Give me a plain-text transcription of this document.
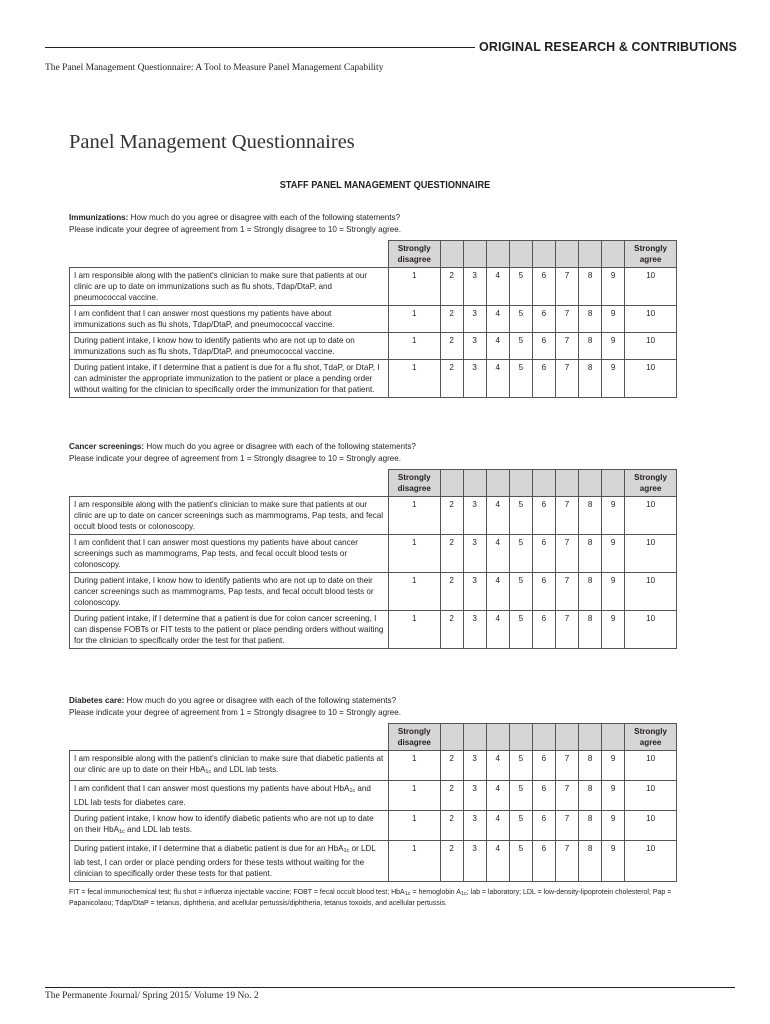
ORIGINAL RESEARCH & CONTRIBUTIONS
The Panel Management Questionnaire: A Tool to Measure Panel Management Capability
Panel Management Questionnaires
STAFF PANEL MANAGEMENT QUESTIONNAIRE
Immunizations: How much do you agree or disagree with each of the following statements?
Please indicate your degree of agreement from 1 = Strongly disagree to 10 = Strongly agree.
	Strongly disagree									Strongly agree
I am responsible along with the patient's clinician to make sure that patients at our clinic are up to date on immunizations such as flu shots, Tdap/DtaP, and pneumococcal vaccine.	1	2	3	4	5	6	7	8	9	10
I am confident that I can answer most questions my patients have about immunizations such as flu shots, Tdap/DtaP, and pneumococcal vaccine.	1	2	3	4	5	6	7	8	9	10
During patient intake, I know how to identify patients who are not up to date on immunizations such as flu shots, Tdap/DtaP, and pneumococcal vaccine.	1	2	3	4	5	6	7	8	9	10
During patient intake, if I determine that a patient is due for a flu shot, TdaP, or DtaP, I can administer the appropriate immunization to the patient or place a pending order without waiting for the clinician to specifically order the immunization for that patient.	1	2	3	4	5	6	7	8	9	10
Cancer screenings: How much do you agree or disagree with each of the following statements?
Please indicate your degree of agreement from 1 = Strongly disagree to 10 = Strongly agree.
	Strongly disagree									Strongly agree
I am responsible along with the patient's clinician to make sure that patients at our clinic are up to date on cancer screenings such as mammograms, Pap tests, and fecal occult blood tests or colonoscopy.	1	2	3	4	5	6	7	8	9	10
I am confident that I can answer most questions my patients have about cancer screenings such as mammograms, Pap tests, and fecal occult blood tests or colonoscopy.	1	2	3	4	5	6	7	8	9	10
During patient intake, I know how to identify patients who are not up to date on their cancer screenings such as mammograms, Pap tests, and fecal occult blood tests or colonoscopy.	1	2	3	4	5	6	7	8	9	10
During patient intake, if I determine that a patient is due for colon cancer screening, I can dispense FOBTs or FIT tests to the patient or place pending orders without waiting for the clinician to specifically order the test for that patient.	1	2	3	4	5	6	7	8	9	10
Diabetes care: How much do you agree or disagree with each of the following statements?
Please indicate your degree of agreement from 1 = Strongly disagree to 10 = Strongly agree.
	Strongly disagree									Strongly agree
I am responsible along with the patient's clinician to make sure that diabetic patients at our clinic are up to date on their HbA$_{1c}$ and LDL lab tests.	1	2	3	4	5	6	7	8	9	10
I am confident that I can answer most questions my patients have about HbA$_{1c}$ and LDL lab tests for diabetes care.	1	2	3	4	5	6	7	8	9	10
During patient intake, I know how to identify diabetic patients who are not up to date on their HbA$_{1c}$ and LDL lab tests.	1	2	3	4	5	6	7	8	9	10
During patient intake, if I determine that a diabetic patient is due for an HbA$_{1c}$ or LDL lab test, I can order or place pending orders for these tests without waiting for the clinician to specifically order these tests for that patient.	1	2	3	4	5	6	7	8	9	10
FIT = fecal immunochemical test; flu shot = influenza injectable vaccine; FOBT = fecal occult blood test; HbA$_{1c}$ = hemoglobin $A_{1c}$; lab = laboratory; LDL = low-density-lipoprotein cholesterol; Pap = Papanicolaou; Tdap/DtaP = tetanus, diphtheria, and acellular pertussis/diphtheria, tetanus toxoids, and acellular pertussis.
The Permanente Journal/ Spring 2015/ Volume 19 No. 2
